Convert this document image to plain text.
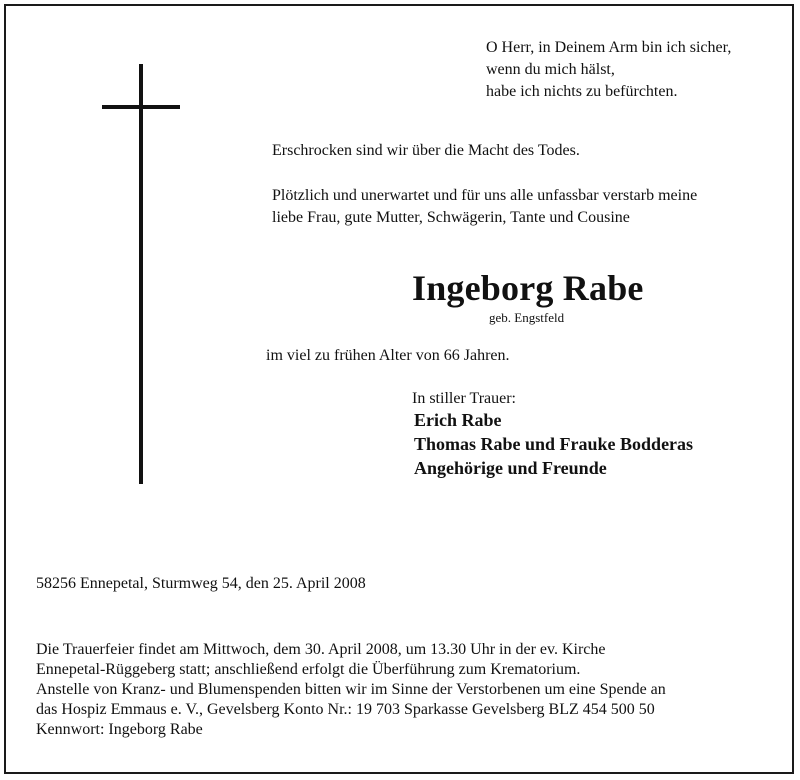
O Herr, in Deinem Arm bin ich sicher,
wenn du mich hälst,
habe ich nichts zu befürchten.
Erschrocken sind wir über die Macht des Todes.
Plötzlich und unerwartet und für uns alle unfassbar verstarb meine
liebe Frau, gute Mutter, Schwägerin, Tante und Cousine
Ingeborg Rabe
geb. Engstfeld
im viel zu frühen Alter von 66 Jahren.
In stiller Trauer:
Erich Rabe
Thomas Rabe und Frauke Bodderas
Angehörige und Freunde
58256 Ennepetal, Sturmweg 54, den 25. April 2008
Die Trauerfeier findet am Mittwoch, dem 30. April 2008, um 13.30 Uhr in der ev. Kirche
Ennepetal-Rüggeberg statt; anschließend erfolgt die Überführung zum Krematorium.
Anstelle von Kranz- und Blumenspenden bitten wir im Sinne der Verstorbenen um eine Spende an
das Hospiz Emmaus e. V., Gevelsberg Konto Nr.: 19 703 Sparkasse Gevelsberg BLZ 454 500 50
Kennwort: Ingeborg Rabe
